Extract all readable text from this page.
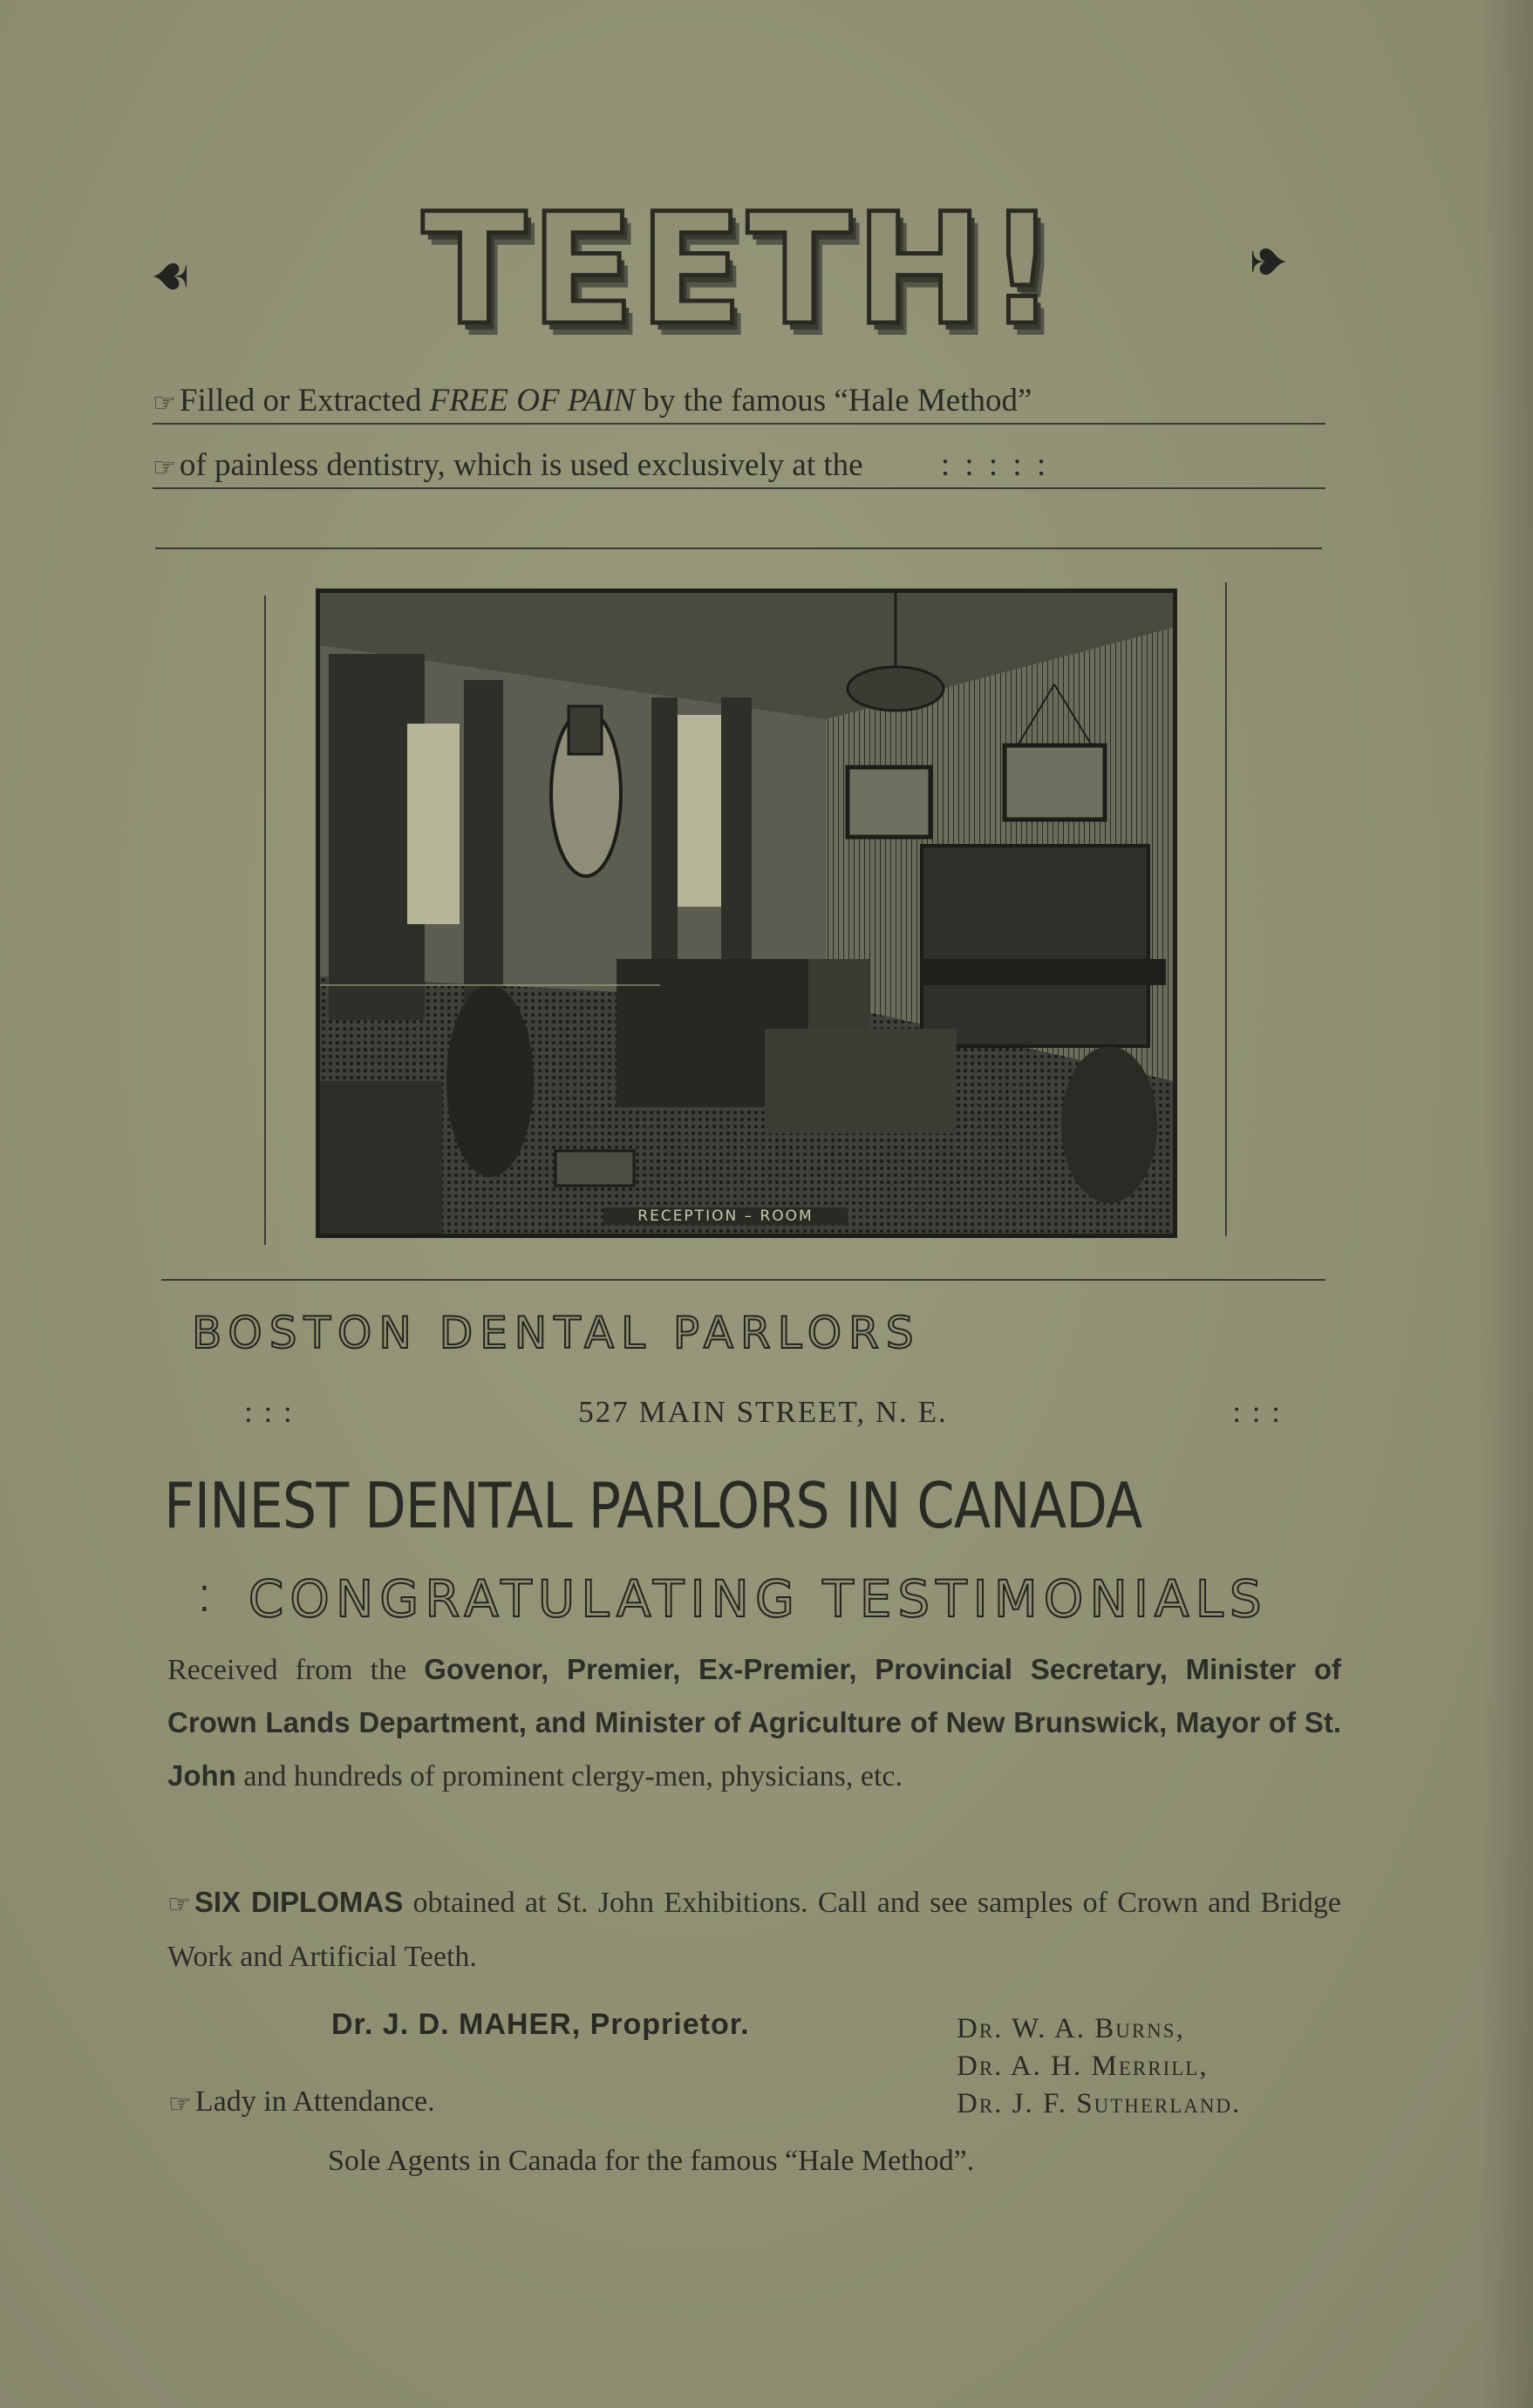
♠ TEETH!	♠
☞ Filled or Extracted FREE OF PAIN by the famous “Hale Method”
☞ of painless dentistry, which is used exclusively at the : : : : :
RECEPTION – ROOM
BOSTON DENTAL PARLORS
: : :	527 MAIN STREET, N. E.	: : :
FINEST DENTAL PARLORS IN CANADA
⁚ CONGRATULATING TESTIMONIALS
Received from the Govenor, Premier, Ex-Premier, Provincial Secretary, Minister of Crown Lands Department, and Minister of Agriculture of New Brunswick, Mayor of St. John and hundreds of prominent clergy-men, physicians, etc.
☞ SIX DIPLOMAS obtained at St. John Exhibitions. Call and see samples of Crown and Bridge Work and Artificial Teeth.
Dr. J. D. MAHER, Proprietor.	Dr. W. A. Burns,
Dr. A. H. Merrill,
Dr. J. F. Sutherland.
☞ Lady in Attendance.
Sole Agents in Canada for the famous “Hale Method”.
